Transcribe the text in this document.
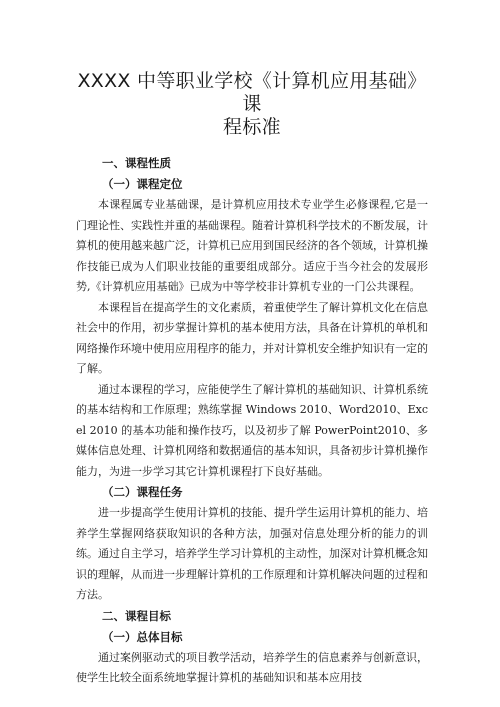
XXXX 中等职业学校《计算机应用基础》课
程标准
一、课程性质
（一）课程定位

本课程属专业基础课，是计算机应用技术专业学生必修课程,它是一门理论性、实践性并重的基础课程。随着计算机科学技术的不断发展，计算机的使用越来越广泛，计算机已应用到国民经济的各个领域，计算机操作技能已成为人们职业技能的重要组成部分。适应于当今社会的发展形势,《计算机应用基础》已成为中等学校非计算机专业的一门公共课程。

本课程旨在提高学生的文化素质，着重使学生了解计算机文化在信息社会中的作用，初步掌握计算机的基本使用方法，具备在计算机的单机和网络操作环境中使用应用程序的能力，并对计算机安全维护知识有一定的了解。

通过本课程的学习，应能使学生了解计算机的基础知识、计算机系统的基本结构和工作原理；熟练掌握 Windows 2010、Word2010、Excel 2010 的基本功能和操作技巧，以及初步了解 PowerPoint2010、多媒体信息处理、计算机网络和数据通信的基本知识，具备初步计算机操作能力，为进一步学习其它计算机课程打下良好基础。

（二）课程任务

进一步提高学生使用计算机的技能、提升学生运用计算机的能力、培养学生掌握网络获取知识的各种方法，加强对信息处理分析的能力的训练。通过自主学习，培养学生学习计算机的主动性，加深对计算机概念知识的理解，从而进一步理解计算机的工作原理和计算机解决问题的过程和方法。

二、课程目标
（一）总体目标

通过案例驱动式的项目教学活动，培养学生的信息素养与创新意识，使学生比较全面系统地掌握计算机的基础知识和基本应用技
